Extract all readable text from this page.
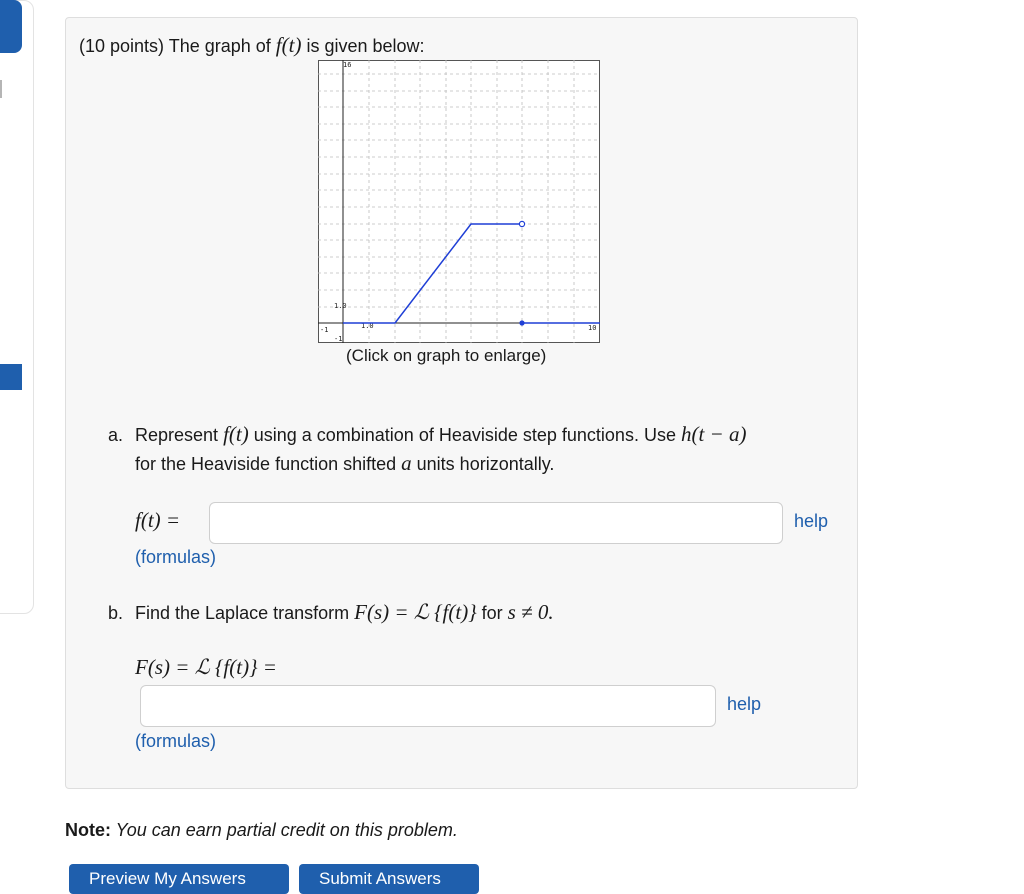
(10 points) The graph of f(t) is given below:
16
1.0
1.0
-1	10
-1
(Click on graph to enlarge)
a. Represent f(t) using a combination of Heaviside step functions. Use h(t − a)
for the Heaviside function shifted a units horizontally.
f(t) =	help
(formulas)
b. Find the Laplace transform F(s) = ℒ {f(t)} for s ≠ 0.
F(s) = ℒ {f(t)} =
help
(formulas)
Note: You can earn partial credit on this problem.
Preview My Answers	Submit Answers
